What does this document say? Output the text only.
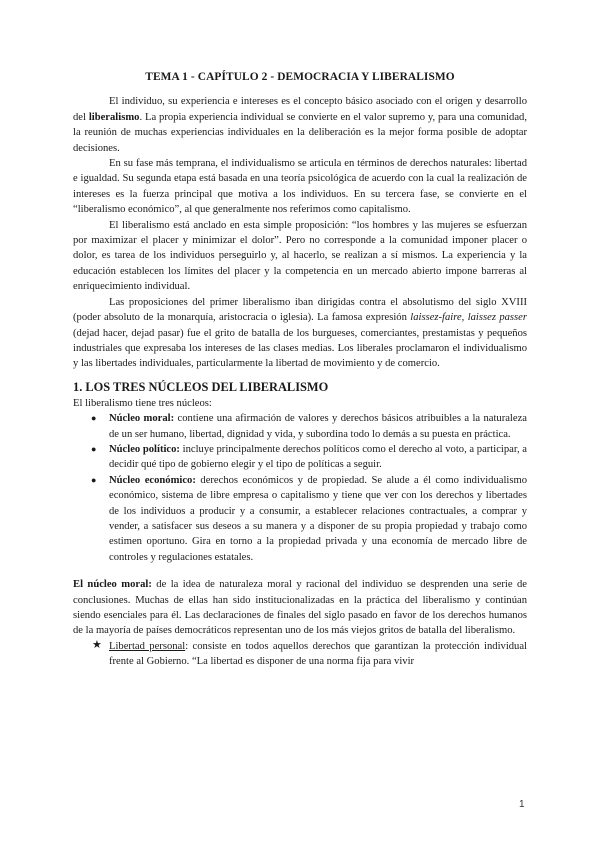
TEMA 1 - CAPÍTULO 2 - DEMOCRACIA Y LIBERALISMO

El individuo, su experiencia e intereses es el concepto básico asociado con el origen y desarrollo del liberalismo. La propia experiencia individual se convierte en el valor supremo y, para una comunidad, la reunión de muchas experiencias individuales en la deliberación es la mejor forma posible de adoptar decisiones.

En su fase más temprana, el individualismo se articula en términos de derechos naturales: libertad e igualdad. Su segunda etapa está basada en una teoría psicológica de acuerdo con la cual la realización de intereses es la fuerza principal que motiva a los individuos. En su tercera fase, se convierte en el “liberalismo económico”, al que generalmente nos referimos como capitalismo.

El liberalismo está anclado en esta simple proposición: “los hombres y las mujeres se esfuerzan por maximizar el placer y minimizar el dolor”. Pero no corresponde a la comunidad imponer placer o dolor, es tarea de los individuos perseguirlo y, al hacerlo, se realizan a sí mismos. La experiencia y la educación establecen los límites del placer y la competencia en un mercado abierto impone barreras al enriquecimiento individual.

Las proposiciones del primer liberalismo iban dirigidas contra el absolutismo del siglo XVIII (poder absoluto de la monarquía, aristocracia o iglesia). La famosa expresión laissez-faire, laissez passer (dejad hacer, dejad pasar) fue el grito de batalla de los burgueses, comerciantes, prestamistas y pequeños industriales que expresaba los intereses de las clases medias. Los liberales proclamaron el individualismo y las libertades individuales, particularmente la libertad de movimiento y de comercio.

1. LOS TRES NÚCLEOS DEL LIBERALISMO

El liberalismo tiene tres núcleos:

● Núcleo moral: contiene una afirmación de valores y derechos básicos atribuibles a la naturaleza de un ser humano, libertad, dignidad y vida, y subordina todo lo demás a su puesta en práctica.
● Núcleo político: incluye principalmente derechos políticos como el derecho al voto, a participar, a decidir qué tipo de gobierno elegir y el tipo de políticas a seguir.
● Núcleo económico: derechos económicos y de propiedad. Se alude a él como individualismo económico, sistema de libre empresa o capitalismo y tiene que ver con los derechos y libertades de los individuos a producir y a consumir, a establecer relaciones contractuales, a comprar y vender, a satisfacer sus deseos a su manera y a disponer de su propia propiedad y trabajo como estimen oportuno. Gira en torno a la propiedad privada y una economía de mercado libre de controles y regulaciones estatales.

El núcleo moral: de la idea de naturaleza moral y racional del individuo se desprenden una serie de conclusiones. Muchas de ellas han sido institucionalizadas en la práctica del liberalismo y continúan siendo esenciales para él. Las declaraciones de finales del siglo pasado en favor de los derechos humanos de la mayoría de países democráticos representan uno de los más viejos gritos de batalla del liberalismo.

★ Libertad personal: consiste en todos aquellos derechos que garantizan la protección individual frente al Gobierno. “La libertad es disponer de una norma fija para vivir
1
